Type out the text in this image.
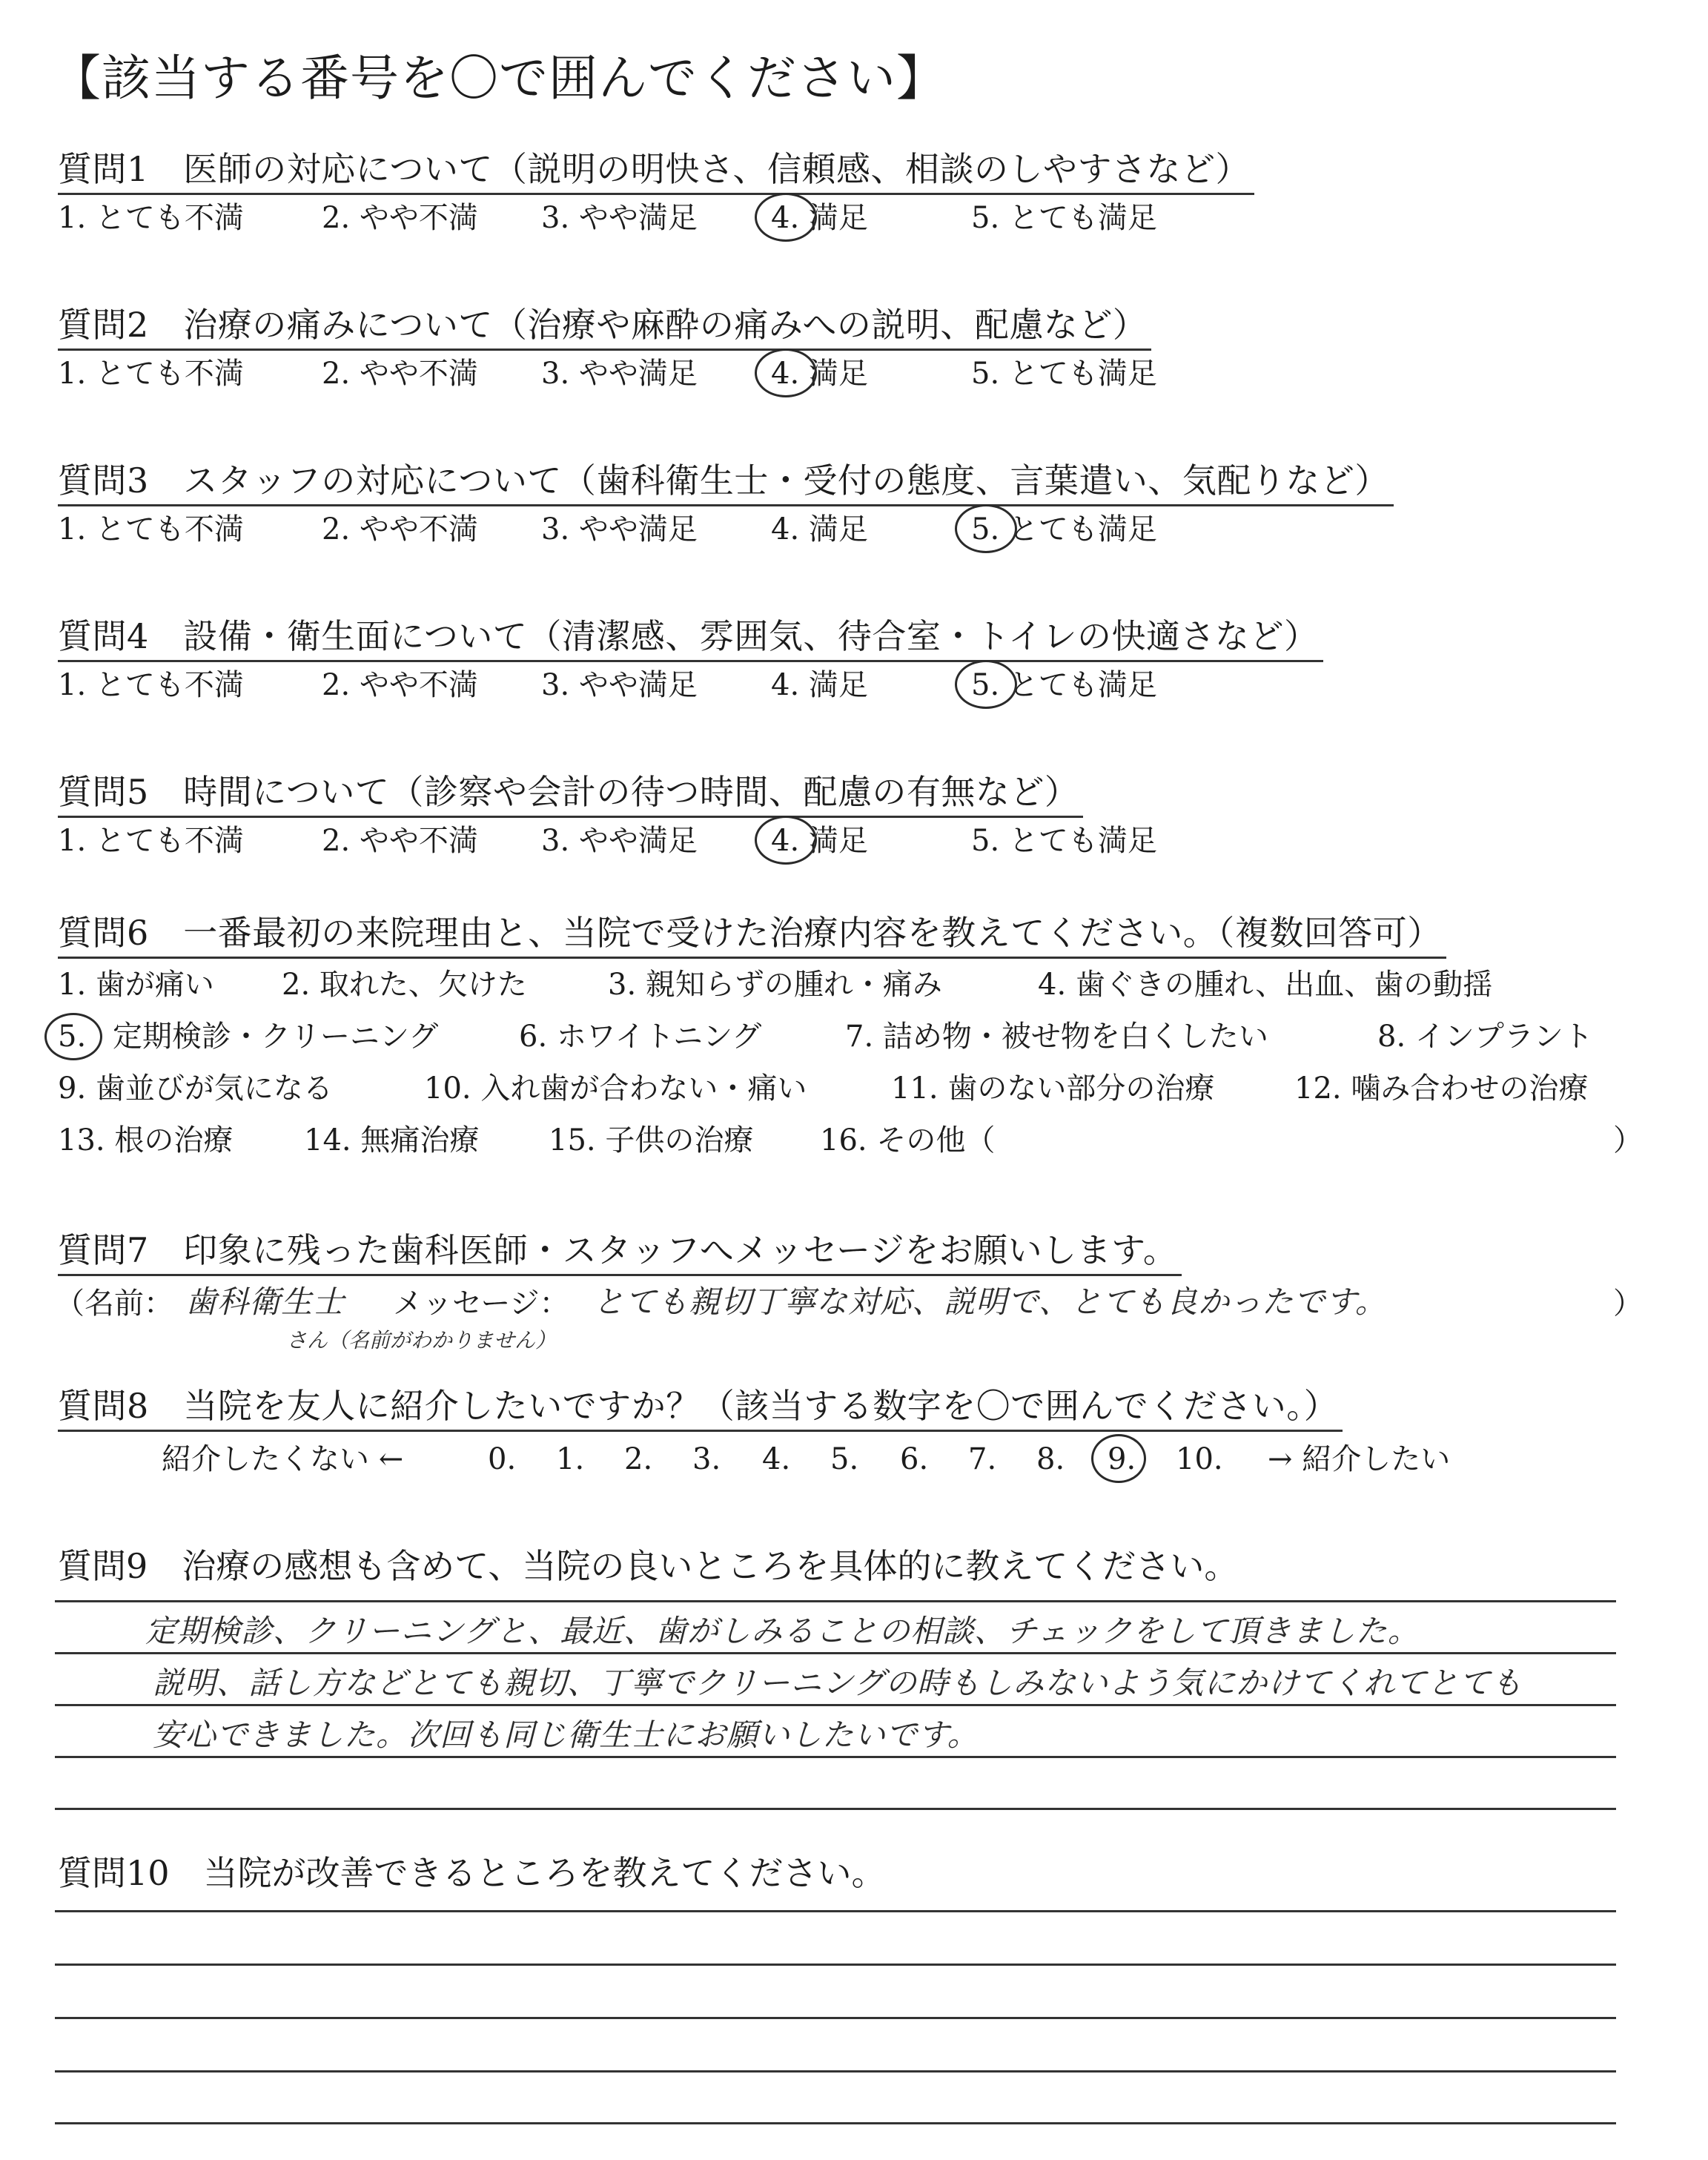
【該当する番号を〇で囲んでください】
質問1　医師の対応について（説明の明快さ、信頼感、相談のしやすさなど）
1. とても不満	2. やや不満 3. やや満足 4. 満足	5. とても満足
質問2　治療の痛みについて（治療や麻酔の痛みへの説明、配慮など）
1. とても不満	2. やや不満 3. やや満足 4. 満足	5. とても満足
質問3　スタッフの対応について（歯科衛生士・受付の態度、言葉遣い、気配りなど）
1. とても不満	2. やや不満 3. やや満足 4. 満足	5. とても満足
質問4　設備・衛生面について（清潔感、雰囲気、待合室・トイレの快適さなど）
1. とても不満	2. やや不満 3. やや満足 4. 満足	5. とても満足
質問5　時間について（診察や会計の待つ時間、配慮の有無など）
1. とても不満	2. やや不満 3. やや満足 4. 満足	5. とても満足
質問6　一番最初の来院理由と、当院で受けた治療内容を教えてください。（複数回答可）
1. 歯が痛い 2. 取れた、欠けた	3. 親知らずの腫れ・痛み	4. 歯ぐきの腫れ、出血、歯の動揺
5. 定期検診・クリーニング	6. ホワイトニング	7. 詰め物・被せ物を白くしたい	8. インプラント
9. 歯並びが気になる	10. 入れ歯が合わない・痛い	11. 歯のない部分の治療	12. 噛み合わせの治療
13. 根の治療 14. 無痛治療 15. 子供の治療 16. その他（	）
質問7　印象に残った歯科医師・スタッフへメッセージをお願いします。
（名前： 歯科衛生士
さん（名前がわかりません）
メッセージ： とても親切丁寧な対応、説明で、とても良かったです。	）
質問8　当院を友人に紹介したいですか？（該当する数字を〇で囲んでください。）
紹介したくない ←	0. 1. 2. 3. 4. 5. 6. 7. 8. 9. 10. → 紹介したい
質問9　治療の感想も含めて、当院の良いところを具体的に教えてください。
定期検診、クリーニングと、最近、歯がしみることの相談、チェックをして頂きました。
説明、話し方などとても親切、丁寧でクリーニングの時もしみないよう気にかけてくれてとても
安心できました。次回も同じ衛生士にお願いしたいです。
質問10　当院が改善できるところを教えてください。
